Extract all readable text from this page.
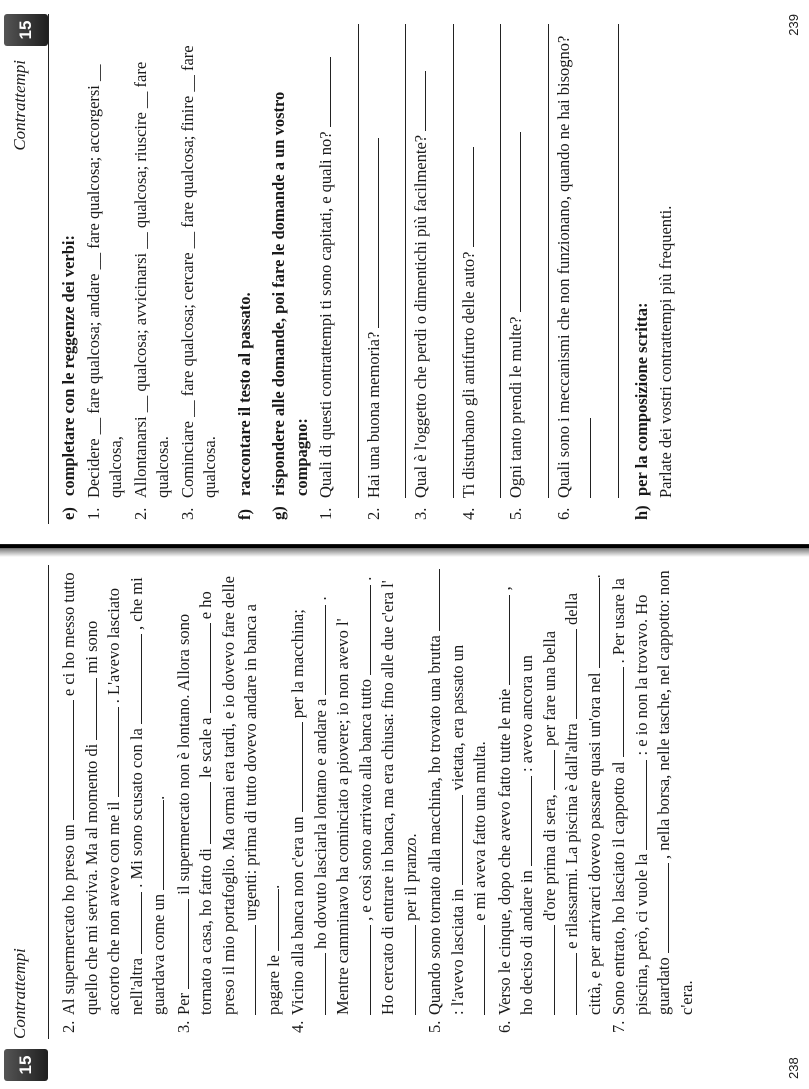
15
Contrattempi	2.
Al supermercato ho preso un  e ci ho messo tutto quello che mi serviva. Ma al momento di  mi sono accorto che non avevo con me il  . L'avevo lasciato nell'altra  . Mi sono scusato con la  , che mi guardava come un .
3.
Per  il supermercato non è lontano. Allora sono tornato a casa, ho fatto di  le scale a  e ho preso il mio portafoglio. Ma ormai era tardi, e io dovevo fare delle urgenti: prima di tutto dovevo andare in banca a pagare le .
4.
Vicino alla banca non c'era un  per la macchina;  ho dovuto lasciarla lontano e andare a  . Mentre camminavo ha cominciato a piovere; io non avevo l' , e così sono arrivato alla banca tutto  . Ho cercato di entrare in banca, ma era chiusa: fino alle due c'era l' per il pranzo.
5.
Quando sono tornato alla macchina, ho trovato una brutta : l'avevo lasciata in  vietata, era passato un  e mi aveva fatto una multa.
6.
Verso le cinque, dopo che avevo fatto tutte le mie  , ho deciso di andare in  : avevo ancora un  d'ore prima di sera,  per fare una bella  e rilassarmi. La piscina è dall'altra  della città, e per arrivarci dovevo passare quasi un'ora nel .
7.
Sono entrato, ho lasciato il cappotto al  . Per usare la piscina, però, ci vuole la  : e io non la trovavo. Ho guardato  , nella borsa, nelle tasche, nel cappotto: non c'era.
238
Contrattempi
15
e)
completare con le reggenze dei verbi:
1.
Decidere __ fare qualcosa; andare __ fare qualcosa; accorgersi __ qualcosa,
2.
Allontanarsi __ qualcosa; avvicinarsi __ qualcosa; riuscire __ fare qualcosa.
3.
Cominciare __ fare qualcosa; cercare __ fare qualcosa; finire __ fare qualcosa.
f)
raccontare il testo al passato.
g)
rispondere alle domande, poi fare le domande a un vostro compagno:
1.
Quali di questi contrattempi ti sono capitati, e quali no?
2.
Hai una buona memoria?
3.
Qual è l'oggetto che perdi o dimentichi più facilmente?
4.
Ti disturbano gli antifurto delle auto?
5.
Ogni tanto prendi le multe?
6.
Quali sono i meccanismi che non funzionano, quando ne hai bisogno?
h)
per la composizione scritta: Parlate dei vostri contrattempi più frequenti.
239
